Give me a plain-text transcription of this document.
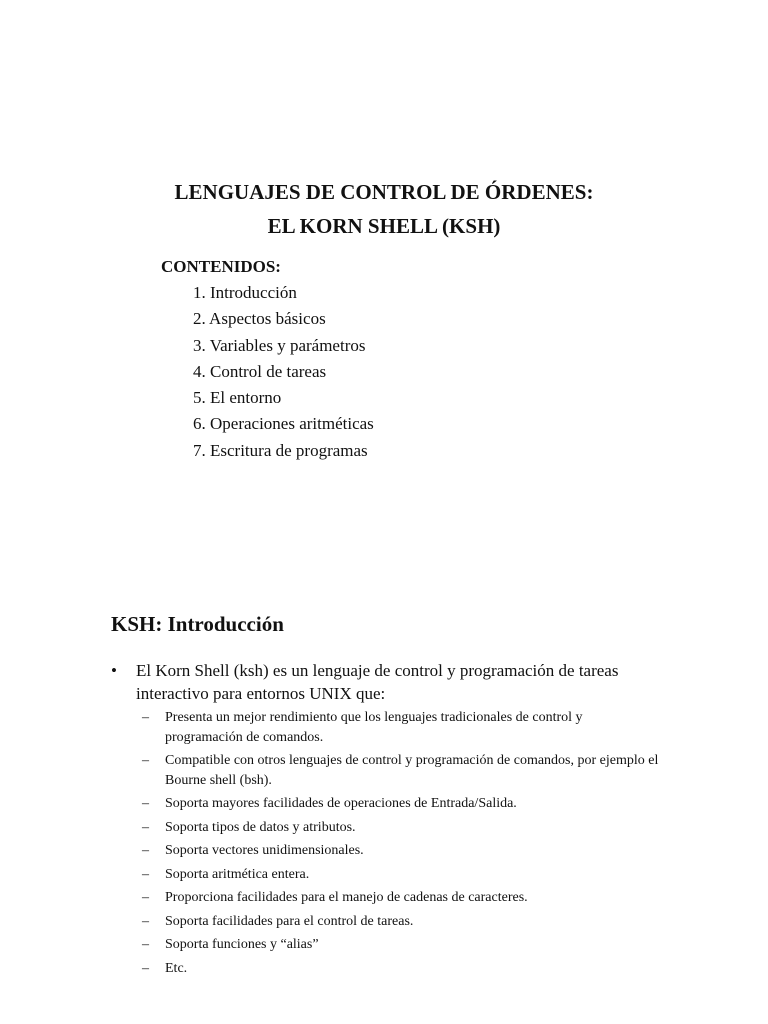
LENGUAJES DE CONTROL DE ÓRDENES:
EL KORN SHELL (KSH)
CONTENIDOS:
1. Introducción
2. Aspectos básicos
3. Variables y parámetros
4. Control de tareas
5. El entorno
6. Operaciones aritméticas
7. Escritura de programas
KSH: Introducción
• El Korn Shell (ksh) es un lenguaje de control y programación de tareas interactivo para entornos UNIX que:
– Presenta un mejor rendimiento que los lenguajes tradicionales de control y programación de comandos.
– Compatible con otros lenguajes de control y programación de comandos, por ejemplo el Bourne shell (bsh).
– Soporta mayores facilidades de operaciones de Entrada/Salida.
– Soporta tipos de datos y atributos.
– Soporta vectores unidimensionales.
– Soporta aritmética entera.
– Proporciona facilidades para el manejo de cadenas de caracteres.
– Soporta facilidades para el control de tareas.
– Soporta funciones y “alias”
– Etc.
